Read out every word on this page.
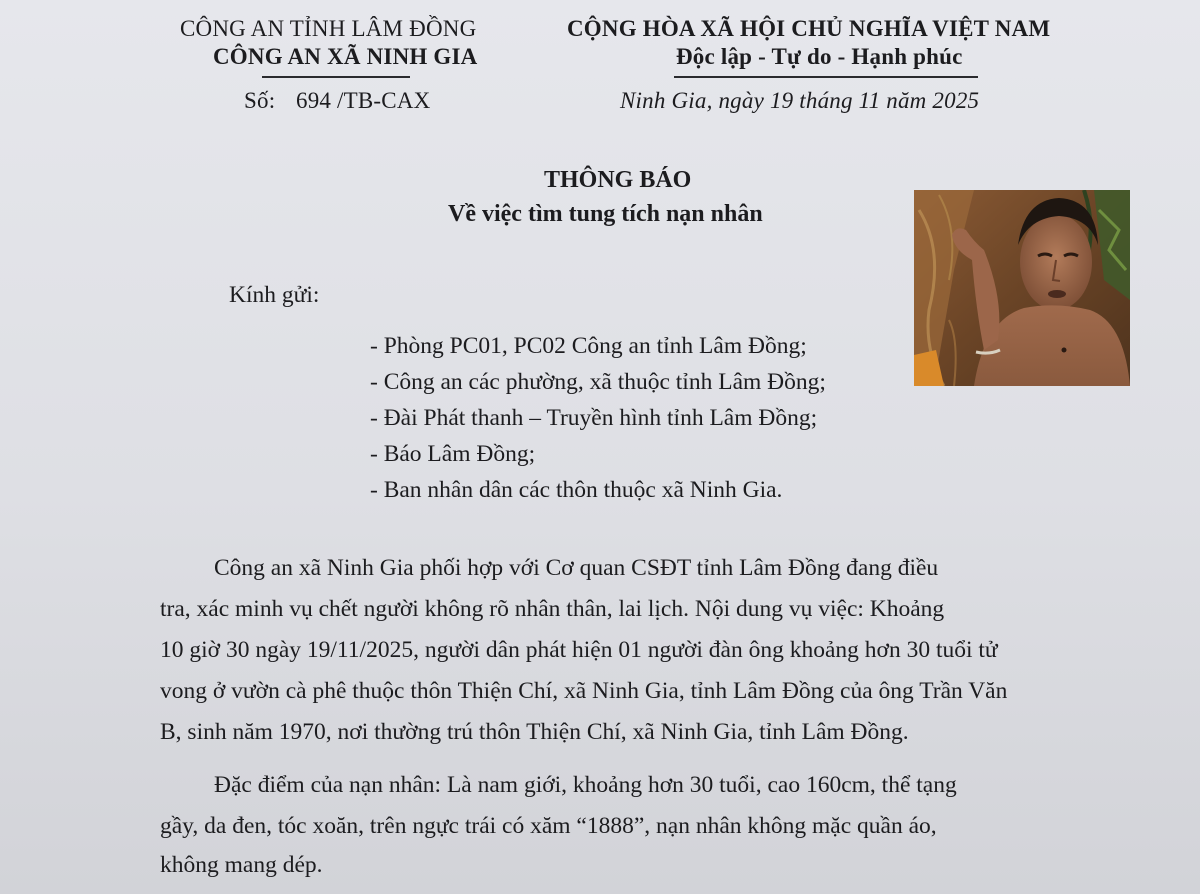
CÔNG AN TỈNH LÂM ĐỒNG
CÔNG AN XÃ NINH GIA
Số: 694 /TB-CAX
CỘNG HÒA XÃ HỘI CHỦ NGHĨA VIỆT NAM
Độc lập - Tự do - Hạnh phúc
Ninh Gia, ngày 19 tháng 11 năm 2025
THÔNG BÁO
Về việc tìm tung tích nạn nhân
Kính gửi:
- Phòng PC01, PC02 Công an tỉnh Lâm Đồng;
- Công an các phường, xã thuộc tỉnh Lâm Đồng;
- Đài Phát thanh – Truyền hình tỉnh Lâm Đồng;
- Báo Lâm Đồng;
- Ban nhân dân các thôn thuộc xã Ninh Gia.
Công an xã Ninh Gia phối hợp với Cơ quan CSĐT tỉnh Lâm Đồng đang điều
tra, xác minh vụ chết người không rõ nhân thân, lai lịch. Nội dung vụ việc: Khoảng
10 giờ 30 ngày 19/11/2025, người dân phát hiện 01 người đàn ông khoảng hơn 30 tuổi tử
vong ở vườn cà phê thuộc thôn Thiện Chí, xã Ninh Gia, tỉnh Lâm Đồng của ông Trần Văn
B, sinh năm 1970, nơi thường trú thôn Thiện Chí, xã Ninh Gia, tỉnh Lâm Đồng.
Đặc điểm của nạn nhân: Là nam giới, khoảng hơn 30 tuổi, cao 160cm, thể tạng
gầy, da đen, tóc xoăn, trên ngực trái có xăm “1888”, nạn nhân không mặc quần áo,
không mang dép.
